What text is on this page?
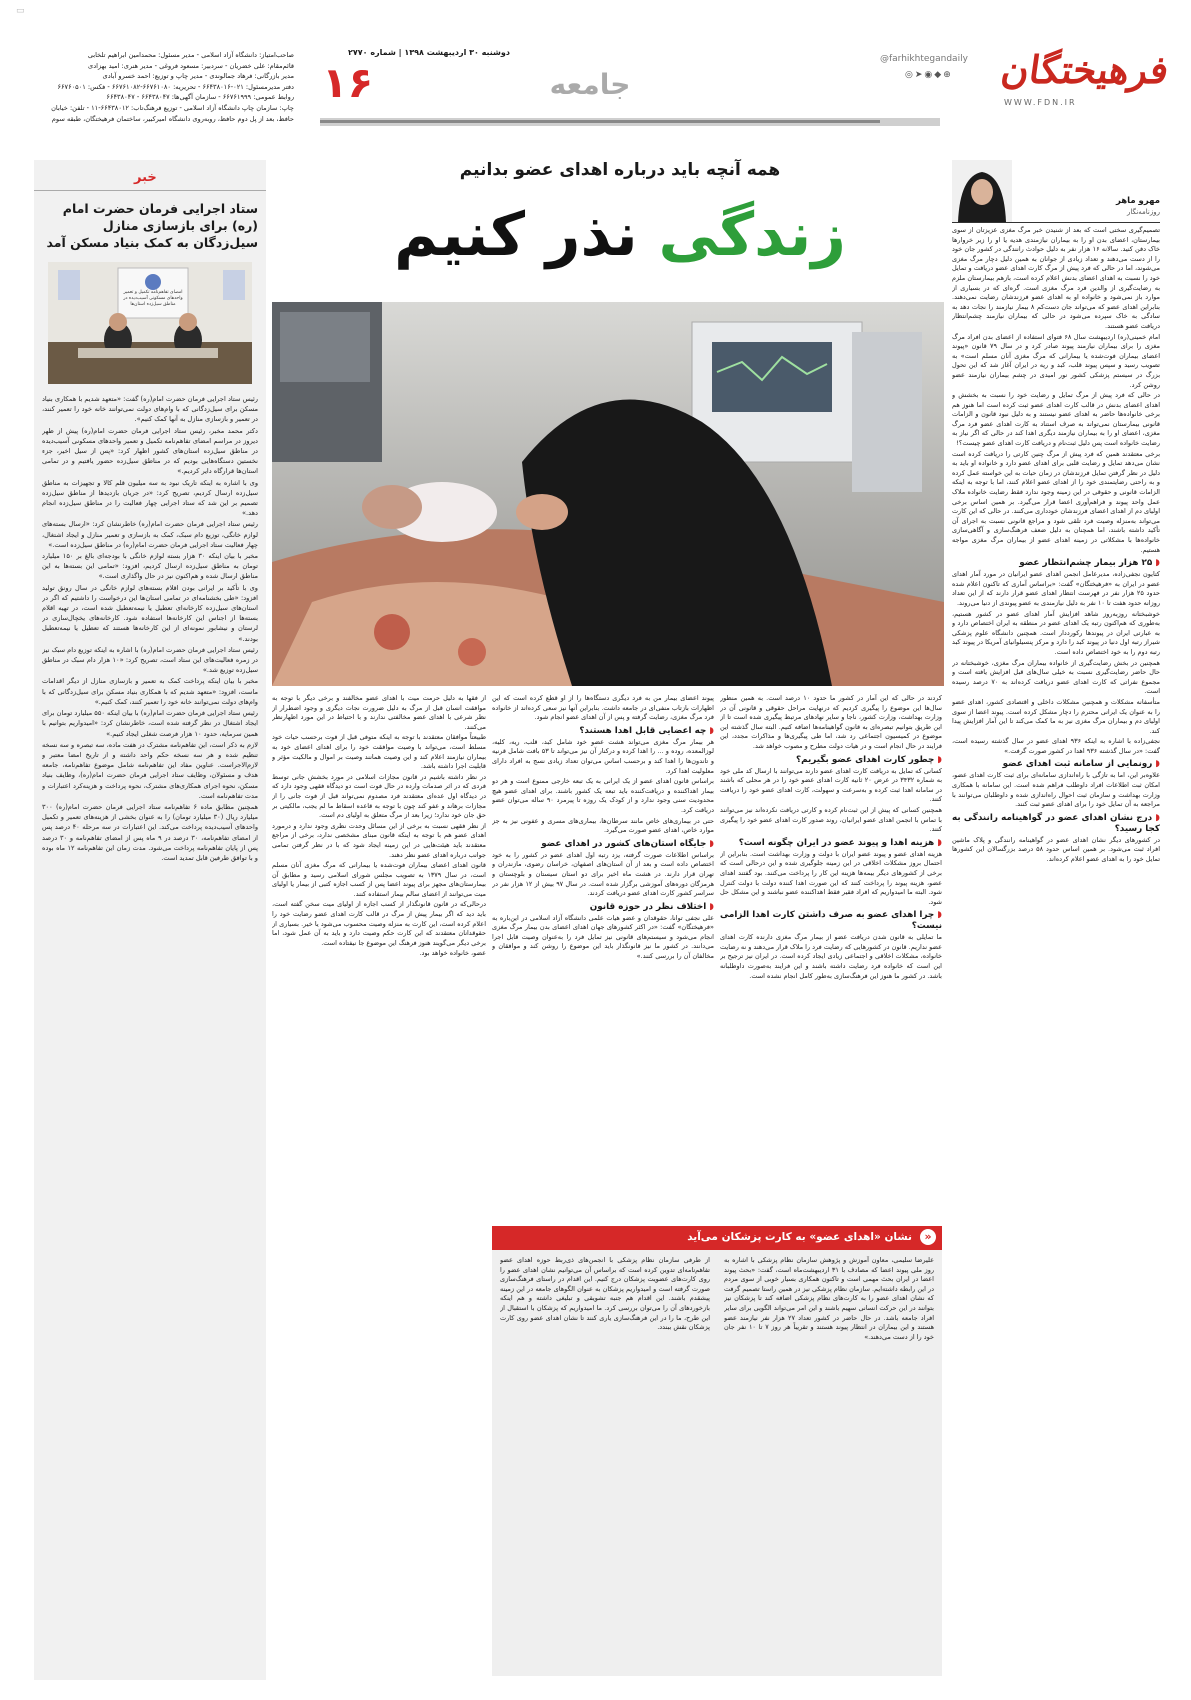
▭
صاحب‌امتیاز: دانشگاه آزاد اسلامی - مدیر مسئول: محمدامین ابراهیم تلخابی
قائم‌مقام: علی خضریان - سردبیر: مسعود فروغی - مدیر هنری: امید بهزادی
مدیر بازرگانی: فرهاد جمالوندی - مدیر چاپ و توزیع: احمد خسرو آبادی
دفتر مدیرمسئول: ۰۲۱-۶۶۴۳۸۰۱۶ - تحریریه: ۶۶۷۶۱۰۸۰-۶۶۷۶۱۰۸۲ - فکس: ۶۶۷۶۰۵۰۱
روابط عمومی: ۶۶۷۶۱۹۹۹ - سازمان آگهی‌ها: ۶۶۴۳۸۰۴۷ - ۶۶۴۳۸۰۴۷
چاپ: سازمان چاپ دانشگاه آزاد اسلامی - توزیع فرهنگ‌تاب: ۶۶۴۳۸۰۱۲-۱۱ - تلفن: خیابان
حافظ، بعد از پل دوم حافظ، روبه‌روی دانشگاه امیرکبیر، ساختمان فرهیختگان، طبقه سوم
دوشنبه ۳۰ اردیبهشت ۱۳۹۸ | شماره ۲۷۷۰
۱۶	جامعه	فرهیختگان
WWW.FDN.IR
@farhikhtegandaily
◎➤◉◆⊕
خبر
ستاد اجرایی فرمان حضرت امام (ره) برای بازسازی منازل سیل‌زدگان به کمک بنیاد مسکن آمد
امضای تفاهم‌نامه تکمیل و تعمیر واحدهای مسکونی آسیب‌دیده در مناطق سیل‌زده استان‌ها

رئیس ستاد اجرایی فرمان حضرت امام(ره) گفت: «متعهد شدیم با همکاری بنیاد مسکن برای سیل‌زدگانی که با وام‌های دولت نمی‌توانند خانه خود را تعمیر کنند، در تعمیر و بازسازی منازل به آنها کمک کنیم».

دکتر محمد مخبر، رئیس ستاد اجرایی فرمان حضرت امام(ره) پیش از ظهر دیروز در مراسم امضای تفاهم‌نامه تکمیل و تعمیر واحدهای مسکونی آسیب‌دیده در مناطق سیل‌زده استان‌های کشور اظهار کرد: «پس از سیل اخیر، جزء نخستین دستگاه‌هایی بودیم که در مناطق سیل‌زده حضور یافتیم و در تمامی استان‌ها قرارگاه دایر کردیم.»

وی با اشاره به اینکه تاریک نبود به سه میلیون قلم کالا و تجهیزات به مناطق سیل‌زده ارسال کردیم، تصریح کرد: «در جریان بازدیدها از مناطق سیل‌زده تصمیم بر این شد که ستاد اجرایی چهار فعالیت را در مناطق سیل‌زده انجام دهد.»

رئیس ستاد اجرایی فرمان حضرت امام(ره) خاطرنشان کرد: «ارسال بسته‌های لوازم خانگی، توزیع دام سبک، کمک به بازسازی و تعمیر منازل و ایجاد اشتغال، چهار فعالیت ستاد اجرایی فرمان حضرت امام(ره) در مناطق سیل‌زده است.»

مخبر با بیان اینکه ۳۰ هزار بسته لوازم خانگی با بودجه‌ای بالغ بر ۱۵۰ میلیارد تومان به مناطق سیل‌زده ارسال کردیم، افزود: «تمامی این بسته‌ها به این مناطق ارسال شده و هم‌اکنون نیز در حال واگذاری است.»

وی با تأکید بر ایرانی بودن اقلام بسته‌های لوازم خانگی در سال رونق تولید افزود: «طی بخشنامه‌ای در تمامی استان‌ها این درخواست را داشتیم که اگر در استان‌های سیل‌زده کارخانه‌ای تعطیل یا نیمه‌تعطیل شده است، در تهیه اقلام بسته‌ها از اجناس این کارخانه‌ها استفاده شود. کارخانه‌های یخچال‌سازی در لرستان و نیشابور نمونه‌ای از این کارخانه‌ها هستند که تعطیل یا نیمه‌تعطیل بودند.»

رئیس ستاد اجرایی فرمان حضرت امام(ره) با اشاره به اینکه توزیع دام سبک نیز در زمره فعالیت‌های این ستاد است، تصریح کرد: «۱۰ هزار دام سبک در مناطق سیل‌زده توزیع شد.»

مخبر با بیان اینکه پرداخت کمک به تعمیر و بازسازی منازل از دیگر اقدامات ماست، افزود: «متعهد شدیم که با همکاری بنیاد مسکن برای سیل‌زدگانی که با وام‌های دولت نمی‌توانند خانه خود را تعمیر کنند، کمک کنیم.»

رئیس ستاد اجرایی فرمان حضرت امام(ره) با بیان اینکه ۵۵۰ میلیارد تومان برای ایجاد اشتغال در نظر گرفته شده است، خاطرنشان کرد: «امیدواریم بتوانیم با همین سرمایه، حدود ۱۰ هزار فرصت شغلی ایجاد کنیم.»

لازم به ذکر است، این تفاهم‌نامه مشترک در هفت ماده، سه تبصره و سه نسخه تنظیم شده و هر سه نسخه حکم واحد داشته و از تاریخ امضا معتبر و لازم‌الاجراست. عناوین مفاد این تفاهم‌نامه شامل موضوع تفاهم‌نامه، جامعه هدف و مسئولان، وظایف ستاد اجرایی فرمان حضرت امام(ره)، وظایف بنیاد مسکن، نحوه اجرای همکاری‌های مشترک، نحوه پرداخت و هزینه‌کرد اعتبارات و مدت تفاهم‌نامه است.

همچنین مطابق ماده ۶ تفاهم‌نامه ستاد اجرایی فرمان حضرت امام(ره) ۳۰۰ میلیارد ریال (۳۰ میلیارد تومان) را به عنوان بخشی از هزینه‌های تعمیر و تکمیل واحدهای آسیب‌دیده پرداخت می‌کند. این اعتبارات در سه مرحله ۴۰ درصد پس از امضای تفاهم‌نامه، ۳۰ درصد در ۹ ماه پس از امضای تفاهم‌نامه و ۳۰ درصد پس از پایان تفاهم‌نامه پرداخت می‌شود. مدت زمان این تفاهم‌نامه ۱۲ ماه بوده و با توافق طرفین قابل تمدید است.

همه آنچه باید درباره اهدای عضو بدانیم
زندگی نذر کنیم	مهرو ماهر
روزنامه‌نگار

تصمیم‌گیری سختی است که بعد از شنیدن خبر مرگ مغزی عزیزتان از سوی بیمارستان، اعضای بدن او را به بیماران نیازمندی هدیه یا او را زیر خروارها خاک دفن کنید. سالانه ۱۶ هزار نفر به دلیل حوادث رانندگی در کشور جان خود را از دست می‌دهند و تعداد زیادی از جوانان به همین دلیل دچار مرگ مغزی می‌شوند، اما در حالی که فرد پیش از مرگ کارت اهدای عضو دریافت و تمایل خود را نسبت به اهدای اعضای بدنش اعلام کرده است، بازهم بیمارستان ملزم به رضایت‌گیری از والدین فرد مرگ مغزی است. گره‌ای که در بسیاری از موارد باز نمی‌شود و خانواده او به اهدای عضو فرزندشان رضایت نمی‌دهند. بنابراین اهدای عضو که می‌تواند جان دست‌کم ۸ بیمار نیازمند را نجات دهد به سادگی به خاک سپرده می‌شود در حالی که بیماران نیازمند چشم‌انتظار دریافت عضو هستند.

امام خمینی(ره) اردیبهشت سال ۶۸ فتوای استفاده از اعضای بدن افراد مرگ مغزی را برای بیماران نیازمند پیوند صادر کرد و در سال ۷۹ قانون «پیوند اعضای بیماران فوت‌شده یا بیمارانی که مرگ مغزی آنان مسلم است» به تصویب رسید و سپس پیوند قلب، کبد و ریه در ایران آغاز شد که این تحول بزرگ در سیستم پزشکی کشور نور امیدی در چشم بیماران نیازمند عضو روشن کرد.

در حالی که فرد پیش از مرگ تمایل و رضایت خود را نسبت به بخشش و اهدای اعضای بدنش در قالب کارت اهدای عضو ثبت کرده است اما هنوز هم برخی خانواده‌ها حاضر به اهدای عضو نیستند و به دلیل نبود قانون و الزامات قانونی بیمارستان نمی‌تواند به صرف استناد به کارت اهدای عضو فرد مرگ مغزی، اعضای او را به بیماران نیازمند دیگری اهدا کند در حالی که اگر نیاز به رضایت خانواده است پس دلیل ثبت‌نام و دریافت کارت اهدای عضو چیست؟!

برخی معتقدند همین که فرد پیش از مرگ چنین کارتی را دریافت کرده است نشان می‌دهد تمایل و رضایت قلبی برای اهدای عضو دارد و خانواده او باید به دلیل در نظر گرفتن تمایل فرزندشان در زمان حیات به این خواسته عمل کرده و به راحتی رضایتمندی خود را از اهدای عضو اعلام کنند، اما با توجه به اینکه الزامات قانونی و حقوقی در این زمینه وجود ندارد فقط رضایت خانواده ملاک عمل واحد پیوند و فراهم‌آوری اعضا قرار می‌گیرد. بر همین اساس برخی اولیای دم از اهدای اعضای فرزندشان خودداری می‌کنند. در حالی که این کارت می‌تواند به‌منزله وصیت فرد تلقی شود و مراجع قانونی نسبت به اجرای آن تأکید داشته باشند، اما همچنان به دلیل ضعف فرهنگ‌سازی و آگاهی‌سازی خانواده‌ها با مشکلاتی در زمینه اهدای عضو از بیماران مرگ مغزی مواجه هستیم.

◗ ۲۵ هزار بیمار چشم‌انتظار عضو

کتایون نجفی‌زاده، مدیرعامل انجمن اهدای عضو ایرانیان در مورد آمار اهدای عضو در ایران به «فرهیختگان» گفت: «براساس آماری که تاکنون اعلام شده حدود ۲۵ هزار نفر در فهرست انتظار اهدای عضو قرار دارند که از این تعداد روزانه حدود هفت تا ۱۰ نفر به دلیل نیازمندی به عضو پیوندی از دنیا می‌روند.

خوشبختانه روزبه‌روز شاهد افزایش آمار اهدای عضو در کشور هستیم، به‌طوری که هم‌اکنون رتبه یک اهدای عضو در منطقه به ایران اختصاص دارد و به عبارتی ایران در پیوندها رکورددار است. همچنین دانشگاه علوم پزشکی شیراز رتبه اول دنیا در پیوند کبد را دارد و مرکز پنسیلوانیای آمریکا در پیوند کبد رتبه دوم را به خود اختصاص داده است.

همچنین در بخش رضایت‌گیری از خانواده بیماران مرگ مغزی، خوشبختانه در حال حاضر رضایت‌گیری نسبت به خیلی سال‌های قبل افزایش یافته است و مجموع نفراتی که کارت اهدای عضو دریافت کرده‌اند به ۷۰ درصد رسیده است.

متأسفانه مشکلات و همچنین مشکلات داخلی و اقتصادی کشور، اهدای عضو را به عنوان یک ایرانی محترم را دچار مشکل کرده است. پیوند اعضا از سوی اولیای دم و بیماران مرگ مغزی نیز به ما کمک می‌کند تا این آمار افزایش پیدا کند.

نجفی‌زاده با اشاره به اینکه ۹۳۶ اهدای عضو در سال گذشته رسیده است، گفت: «در سال گذشته ۹۳۶ اهدا در کشور صورت گرفت.»

◗ رونمایی از سامانه ثبت اهدای عضو

علاوه‌بر این، اما به تازگی با راه‌اندازی سامانه‌ای برای ثبت کارت اهدای عضو، امکان ثبت اطلاعات افراد داوطلب فراهم شده است. این سامانه با همکاری وزارت بهداشت و سازمان ثبت احوال راه‌اندازی شده و داوطلبان می‌توانند با مراجعه به آن تمایل خود را برای اهدای عضو ثبت کنند.

◗ درج نشان اهدای عضو در گواهینامه رانندگی به کجا رسید؟

در کشورهای دیگر نشان اهدای عضو در گواهینامه رانندگی و پلاک ماشین افراد ثبت می‌شود. بر همین اساس حدود ۵۸ درصد بزرگسالان این کشورها تمایل خود را به اهدای عضو اعلام کرده‌اند.

کردند در حالی که این آمار در کشور ما حدود ۱۰ درصد است. به همین منظور سال‌ها این موضوع را پیگیری کردیم که درنهایت مراحل حقوقی و قانونی آن در وزارت بهداشت، وزارت کشور، ناجا و سایر نهادهای مرتبط پیگیری شده است تا از این طریق بتوانیم تبصره‌ای به قانون گواهینامه‌ها اضافه کنیم. البته سال گذشته این موضوع در کمیسیون اجتماعی رد شد، اما طی پیگیری‌ها و مذاکرات مجدد، این فرایند در حال انجام است و در هیات دولت مطرح و مصوب خواهد شد.

◗ چطور کارت اهدای عضو بگیریم؟

کسانی که تمایل به دریافت کارت اهدای عضو دارند می‌توانند با ارسال کد ملی خود به شماره ۳۴۳۲ در عرض ۲۰ ثانیه کارت اهدای عضو خود را در هر محلی که باشند در سامانه اهدا ثبت کرده و به‌سرعت و سهولت، کارت اهدای عضو خود را دریافت کنند.

همچنین کسانی که پیش از این ثبت‌نام کرده و کارتی دریافت نکرده‌اند نیز می‌توانند با تماس با انجمن اهدای عضو ایرانیان، روند صدور کارت اهدای عضو خود را پیگیری کنند.

◗ هزینه اهدا و پیوند عضو در ایران چگونه است؟

هزینه اهدای عضو و پیوند عضو ایران با دولت و وزارت بهداشت است. بنابراین از احتمال بروز مشکلات اخلاقی در این زمینه جلوگیری شده و این درحالی است که برخی از کشورهای دیگر بیمه‌ها هزینه این کار را پرداخت می‌کنند. بود گفتند اهدای عضو، هزینه پیوند را پرداخت کنند که این صورت اهدا کننده دولت با دولت کنترل شود. البته ما امیدواریم که افراد فقیر فقط اهداکننده عضو نباشند و این مشکل حل شود.

◗ چرا اهدای عضو به صرف داشتن کارت اهدا الزامی نیست؟

ما تمایلی به قانون شدن دریافت عضو از بیمار مرگ مغزی دارنده کارت اهدای عضو نداریم. قانون در کشورهایی که رضایت فرد را ملاک قرار می‌دهند و نه رضایت خانواده، مشکلات اخلاقی و اجتماعی زیادی ایجاد کرده است. در ایران نیز ترجیح بر این است که خانواده فرد رضایت داشته باشند و این فرایند به‌صورت داوطلبانه باشد. در کشور ما هنوز این فرهنگ‌سازی به‌طور کامل انجام نشده است.

پیوند اعضای بیمار من به فرد دیگری دستگاه‌ها را از او قطع کرده است که این اظهارات بازتاب منفی‌ای در جامعه داشت. بنابراین آنها نیز سعی کرده‌اند از خانواده فرد مرگ مغزی، رضایت گرفته و پس از آن اهدای عضو انجام شود.

◗ چه اعضایی قابل اهدا هستند؟

هر بیمار مرگ مغزی می‌تواند هشت عضو خود شامل کبد، قلب، ریه، کلیه، لوزالمعده، روده و ... را اهدا کرده و درکنار آن نیز می‌تواند تا ۵۳ بافت شامل قرنیه و تاندون‌ها را اهدا کند و برحسب اساس می‌توان تعداد زیادی نسج به افراد دارای معلولیت اهدا کرد.

براساس قانون اهدای عضو از یک ایرانی به یک تبعه خارجی ممنوع است و هر دو بیمار اهداکننده و دریافت‌کننده باید تبعه یک کشور باشند. برای اهدای عضو هیچ محدودیت سنی وجود ندارد و از کودک یک روزه تا پیرمرد ۹۰ ساله می‌توان عضو دریافت کرد.

حتی در بیماری‌های خاص مانند سرطان‌ها، بیماری‌های مسری و عفونی نیز به جز موارد خاص، اهدای عضو صورت می‌گیرد.

◗ جایگاه استان‌های کشور در اهدای عضو

براساس اطلاعات صورت گرفته، یزد رتبه اول اهدای عضو در کشور را به خود اختصاص داده است و بعد از آن استان‌های اصفهان، خراسان رضوی، مازندران و تهران قرار دارند. در هشت ماه اخیر برای دو استان سیستان و بلوچستان و هرمزگان دوره‌های آموزشی برگزار شده است. در سال ۹۷ بیش از ۱۲ هزار نفر در سراسر کشور کارت اهدای عضو دریافت کردند.

◗ اختلاف نظر در حوزه قانون

علی نجفی توانا، حقوقدان و عضو هیات علمی دانشگاه آزاد اسلامی در این‌باره به «فرهیختگان» گفت: «در اکثر کشورهای جهان اهدای اعضای بدن بیمار مرگ مغزی انجام می‌شود و سیستم‌های قانونی نیز تمایل فرد را به‌عنوان وصیت قابل اجرا می‌دانند. در کشور ما نیز قانونگذار باید این موضوع را روشن کند و موافقان و مخالفان آن را بررسی کنند.»

از فقها به دلیل حرمت میت با اهدای عضو مخالفند و برخی دیگر با توجه به موافقت انسان قبل از مرگ به دلیل ضرورت نجات دیگری و وجود اضطرار از نظر شرعی با اهدای عضو مخالفتی ندارند و با احتیاط در این مورد اظهارنظر می‌کنند.

طبیعتاً موافقان معتقدند با توجه به اینکه متوفی قبل از فوت برحسب حیات خود مسلط است، می‌تواند با وصیت موافقت خود را برای اهدای اعضای خود به بیماران نیازمند اعلام کند و این وصیت همانند وصیت بر اموال و مالکیت مؤثر و قابلیت اجرا داشته باشد.

در نظر داشته باشیم در قانون مجازات اسلامی در مورد بخشش جانی توسط فردی که در اثر صدمات وارده در حال فوت است دو دیدگاه فقهی وجود دارد که در دیدگاه اول عده‌ای معتقدند فرد مصدوم نمی‌تواند قبل از فوت جانی را از مجازات برهاند و عفو کند چون با توجه به قاعده اسقاط ما لم یجب، مالکیتی بر حق جان خود ندارد؛ زیرا بعد از مرگ متعلق به اولیای دم است.

از نظر فقهی نسبت به برخی از این مسائل وحدت نظری وجود ندارد و درمورد اهدای عضو هم با توجه به اینکه قانون مبنای مشخصی ندارد، برخی از مراجع معتقدند باید هیئت‌هایی در این زمینه ایجاد شود که با در نظر گرفتن تمامی جوانب درباره اهدای عضو نظر دهند.

قانون اهدای اعضای بیماران فوت‌شده یا بیمارانی که مرگ مغزی آنان مسلم است، در سال ۱۳۷۹ به تصویب مجلس شورای اسلامی رسید و مطابق آن بیمارستان‌های مجهز برای پیوند اعضا پس از کسب اجازه کتبی از بیمار یا اولیای میت می‌توانند از اعضای سالم بیمار استفاده کنند.

درحالی‌که در قانون قانونگذار از کسب اجازه از اولیای میت سخن گفته است، باید دید که اگر بیمار پیش از مرگ در قالب کارت اهدای عضو رضایت خود را اعلام کرده است، این کارت به منزله وصیت محسوب می‌شود یا خیر. بسیاری از حقوقدانان معتقدند که این کارت حکم وصیت دارد و باید به آن عمل شود، اما برخی دیگر می‌گویند هنوز فرهنگ این موضوع جا نیفتاده است.

عضو، خانواده خواهد بود.

«
نشان «اهدای عضو» به کارت پزشکان می‌آید
علیرضا سلیمی، معاون آموزش و پژوهش سازمان نظام پزشکی با اشاره به روز ملی پیوند اعضا که مصادف با ۳۱ اردیبهشت‌ماه است، گفت: «بحث پیوند اعضا در ایران بحث مهمی است و تاکنون همکاری بسیار خوبی از سوی مردم در این رابطه داشته‌ایم. سازمان نظام پزشکی نیز در همین راستا تصمیم گرفت که نشان اهدای عضو را به کارت‌های نظام پزشکی اضافه کند تا پزشکان نیز بتوانند در این حرکت انسانی سهیم باشند و این امر می‌تواند الگویی برای سایر افراد جامعه باشد. در حال حاضر در کشور تعداد ۲۷ هزار نفر نیازمند عضو هستند و این بیماران در انتظار پیوند هستند و تقریباً هر روز ۷ تا ۱۰ نفر جان خود را از دست می‌دهند.»
از طرفی سازمان نظام پزشکی با انجمن‌های ذی‌ربط حوزه اهدای عضو تفاهم‌نامه‌ای تدوین کرده است که براساس آن می‌توانیم نشان اهدای عضو را روی کارت‌های عضویت پزشکان درج کنیم. این اقدام در راستای فرهنگ‌سازی صورت گرفته است و امیدواریم پزشکان به عنوان الگوهای جامعه در این زمینه پیشقدم باشند. این اقدام هم جنبه تشویقی و تبلیغی داشته و هم اینکه بازخوردهای آن را می‌توان بررسی کرد. ما امیدواریم که پزشکان با استقبال از این طرح، ما را در این فرهنگ‌سازی یاری کنند تا نشان اهدای عضو روی کارت پزشکان نقش ببندد.
